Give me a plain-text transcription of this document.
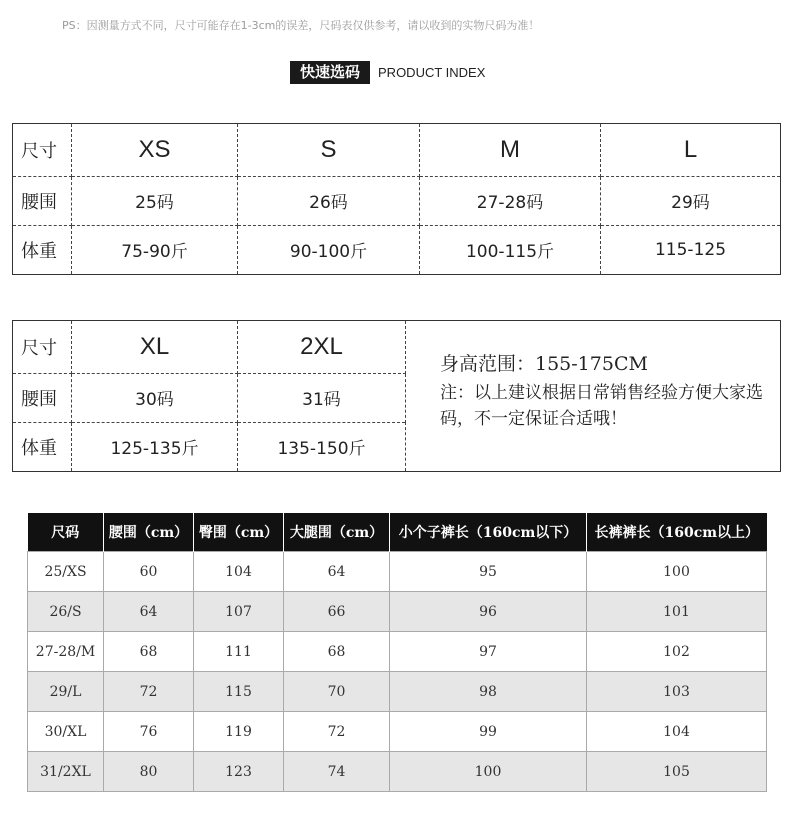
PS：因测量方式不同，尺寸可能存在1-3cm的误差，尺码表仅供参考，请以收到的实物尺码为准！
快速选码	PRODUCT INDEX
尺寸	XS	S	M	L
腰围	25码	26码	27-28码	29码
体重	75-90斤	90-100斤	100-115斤	115-125
尺寸	XL	2XL	身高范围：155-175CM
注：以上建议根据日常销售经验方便大家选码，不一定保证合适哦！

腰围	30码	31码	
体重	125-135斤	135-150斤	
尺码	腰围（cm）	臀围（cm）	大腿围（cm）	小个子裤长（160cm以下）	长裤裤长（160cm以上）
25/XS	60	104	64	95	100
26/S	64	107	66	96	101
27-28/M	68	111	68	97	102
29/L	72	115	70	98	103
30/XL	76	119	72	99	104
31/2XL	80	123	74	100	105
